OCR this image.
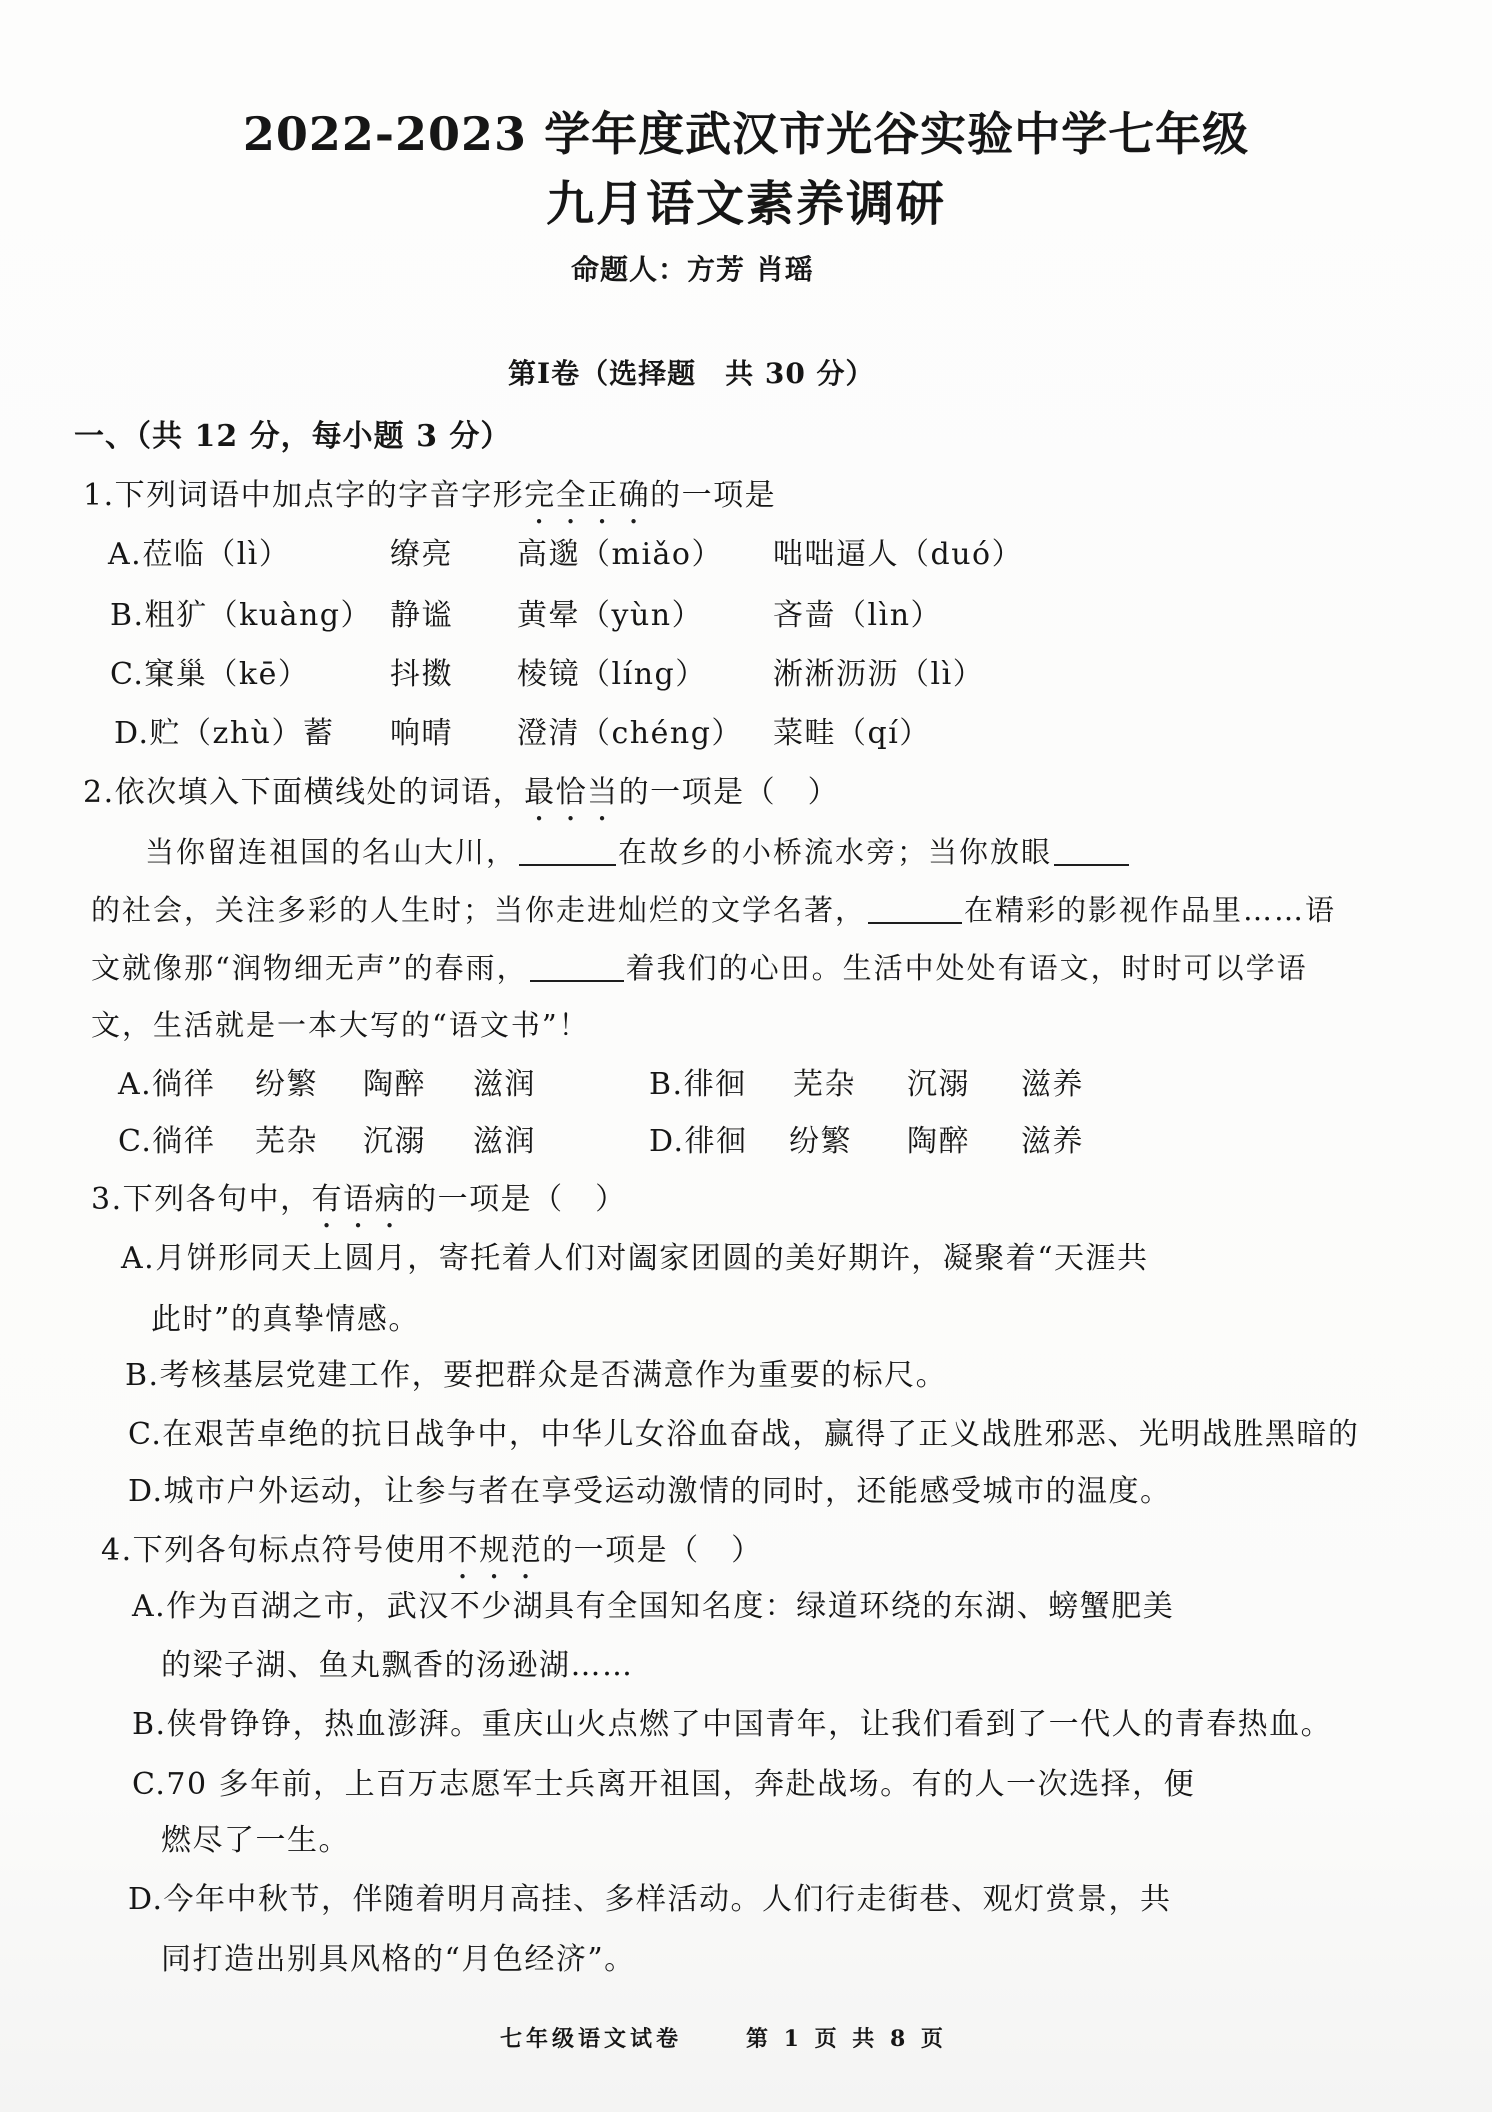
2022-2023 学年度武汉市光谷实验中学七年级
九月语文素养调研
命题人：方芳 肖瑶
第Ⅰ卷（选择题　共 30 分）
一、（共 12 分，每小题 3 分）
1.下列词语中加点字的字音字形完全正确的一项是
A.莅临（lì）	缭亮 高邈（miǎo） 咄咄逼人（duó）
B.粗犷（kuàng） 静谧 黄晕（yùn） 吝啬（lìn）
C.窠巢（kē）	抖擞 棱镜（líng） 淅淅沥沥（lì）
D.贮（zhù）蓄 响晴 澄清（chéng） 菜畦（qí）
2.依次填入下面横线处的词语，最恰当的一项是（　）
当你留连祖国的名山大川，	在故乡的小桥流水旁；当你放眼
的社会，关注多彩的人生时；当你走进灿烂的文学名著，	在精彩的影视作品里……语
文就像那“润物细无声”的春雨，	着我们的心田。生活中处处有语文，时时可以学语
文，生活就是一本大写的“语文书”！
A.徜徉 纷繁 陶醉 滋润	B.徘徊 芜杂 沉溺 滋养
C.徜徉 芜杂 沉溺 滋润	D.徘徊 纷繁 陶醉 滋养
3.下列各句中，有语病的一项是（　）
A.月饼形同天上圆月，寄托着人们对阖家团圆的美好期许，凝聚着“天涯共
此时”的真挚情感。
B.考核基层党建工作，要把群众是否满意作为重要的标尺。
C.在艰苦卓绝的抗日战争中，中华儿女浴血奋战，赢得了正义战胜邪恶、光明战胜黑暗的
D.城市户外运动，让参与者在享受运动激情的同时，还能感受城市的温度。
4.下列各句标点符号使用不规范的一项是（　）
A.作为百湖之市，武汉不少湖具有全国知名度：绿道环绕的东湖、螃蟹肥美
的梁子湖、鱼丸飘香的汤逊湖……
B.侠骨铮铮，热血澎湃。重庆山火点燃了中国青年，让我们看到了一代人的青春热血。
C.70 多年前，上百万志愿军士兵离开祖国，奔赴战场。有的人一次选择，便
燃尽了一生。
D.今年中秋节，伴随着明月高挂、多样活动。人们行走街巷、观灯赏景，共
同打造出别具风格的“月色经济”。
七年级语文试卷	第 1 页 共 8 页
